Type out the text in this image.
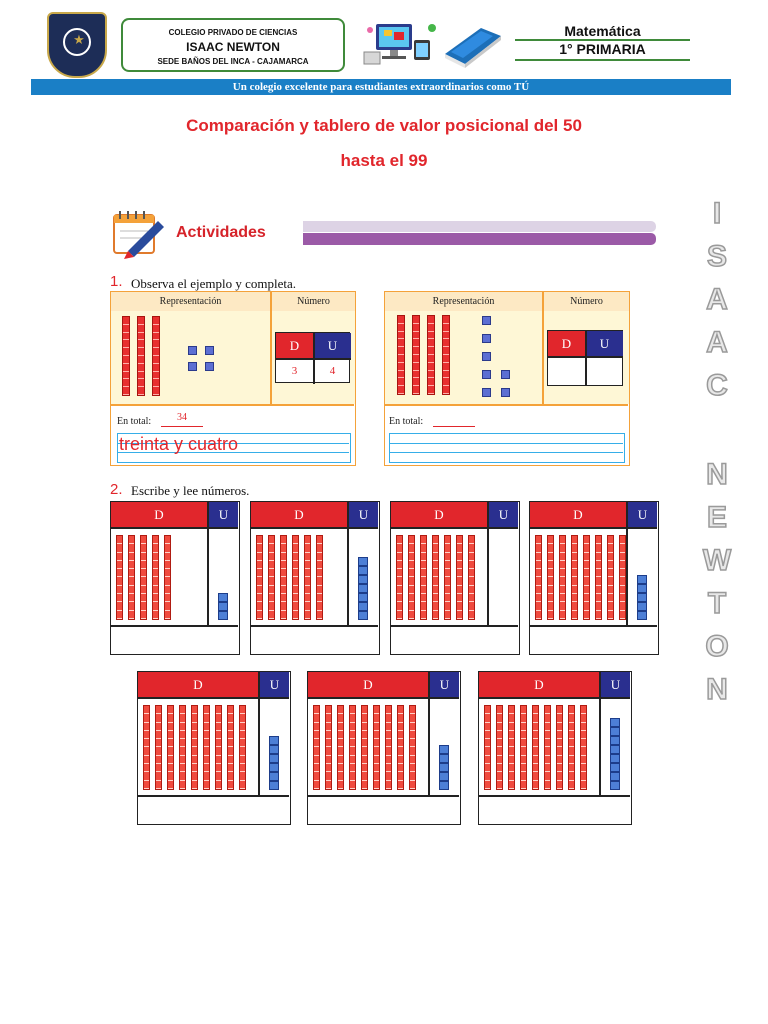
★	COLEGIO PRIVADO DE CIENCIAS
ISAAC NEWTON
SEDE BAÑOS DEL INCA - CAJAMARCA
Matemática
1° PRIMARIA
Un colegio excelente para estudiantes extraordinarios como TÚ
Comparación y tablero de valor posicional del 50
hasta el 99
Actividades
1. Observa el ejemplo y completa.
Representación	Número
D	U
3	4
En total:	34
treinta y cuatro
Representación	Número
D	U
En total:
2. Escribe y lee números.
D	U	D	U	D	U	D	U
D	U	D	U	D	U
I
S
A
A
C
N
E
W
T
O
N
